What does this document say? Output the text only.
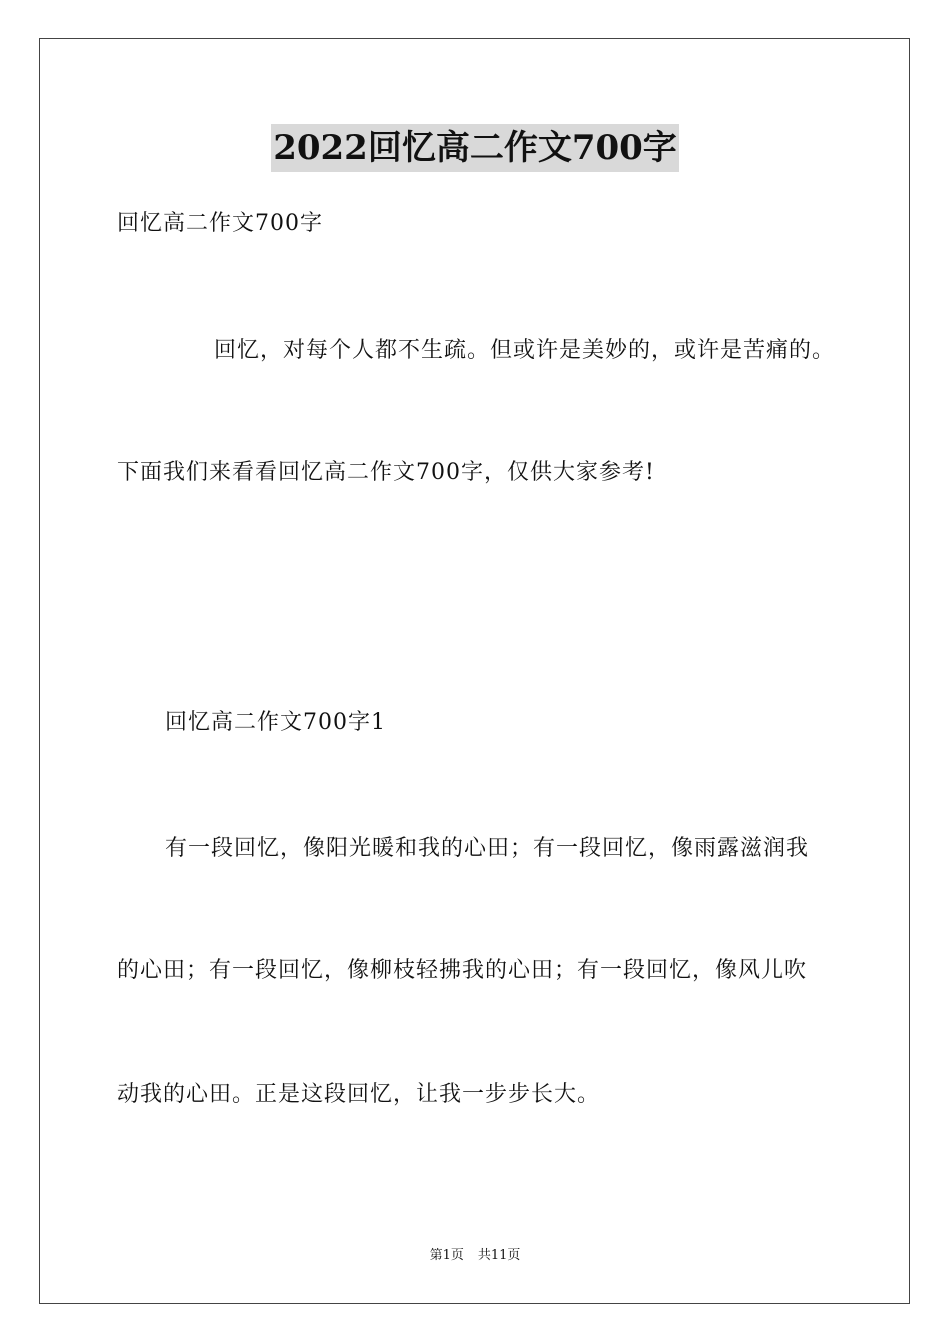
2022回忆高二作文700字
回忆高二作文700字
回忆，对每个人都不生疏。但或许是美妙的，或许是苦痛的。
下面我们来看看回忆高二作文700字，仅供大家参考!
回忆高二作文700字1
有一段回忆，像阳光暖和我的心田；有一段回忆，像雨露滋润我
的心田；有一段回忆，像柳枝轻拂我的心田；有一段回忆，像风儿吹
动我的心田。正是这段回忆，让我一步步长大。
第1页 共11页
